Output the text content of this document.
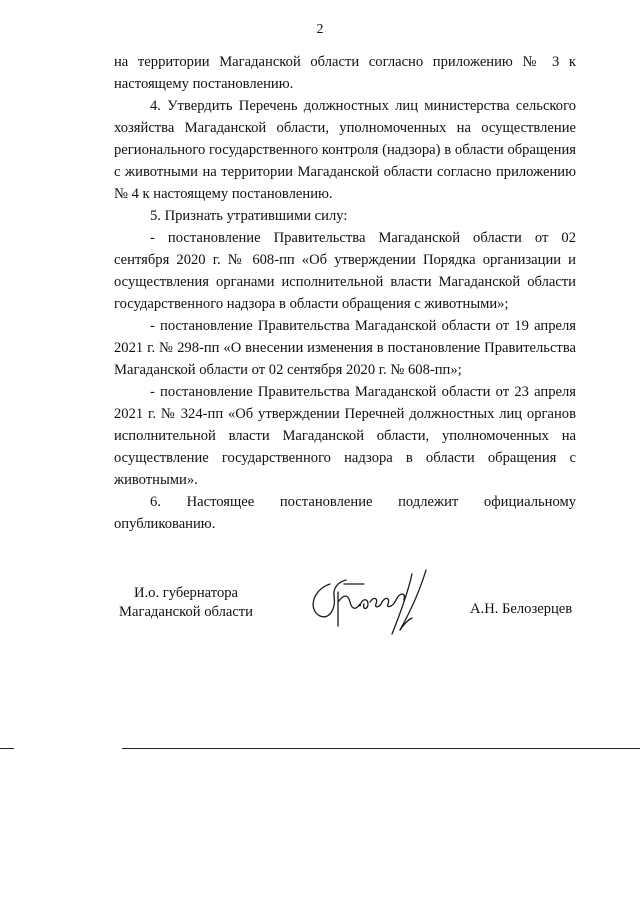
2

на территории Магаданской области согласно приложению № 3 к настоящему постановлению.

4. Утвердить Перечень должностных лиц министерства сельского хозяйства Магаданской области, уполномоченных на осуществление регионального государственного контроля (надзора) в области обращения с животными на территории Магаданской области согласно приложению № 4 к настоящему постановлению.

5. Признать утратившими силу:

- постановление Правительства Магаданской области от 02 сентября 2020 г. № 608-пп «Об утверждении Порядка организации и осуществления органами исполнительной власти Магаданской области государственного надзора в области обращения с животными»;

- постановление Правительства Магаданской области от 19 апреля 2021 г. № 298-пп «О внесении изменения в постановление Правительства Магаданской области от 02 сентября 2020 г. № 608-пп»;

- постановление Правительства Магаданской области от 23 апреля 2021 г. № 324-пп «Об утверждении Перечней должностных лиц органов исполнительной власти Магаданской области, уполномоченных на осуществление государственного надзора в области обращения с животными».

6. Настоящее постановление подлежит официальному опубликованию.

И.о. губернатора
Магаданской области	А.Н. Белозерцев
